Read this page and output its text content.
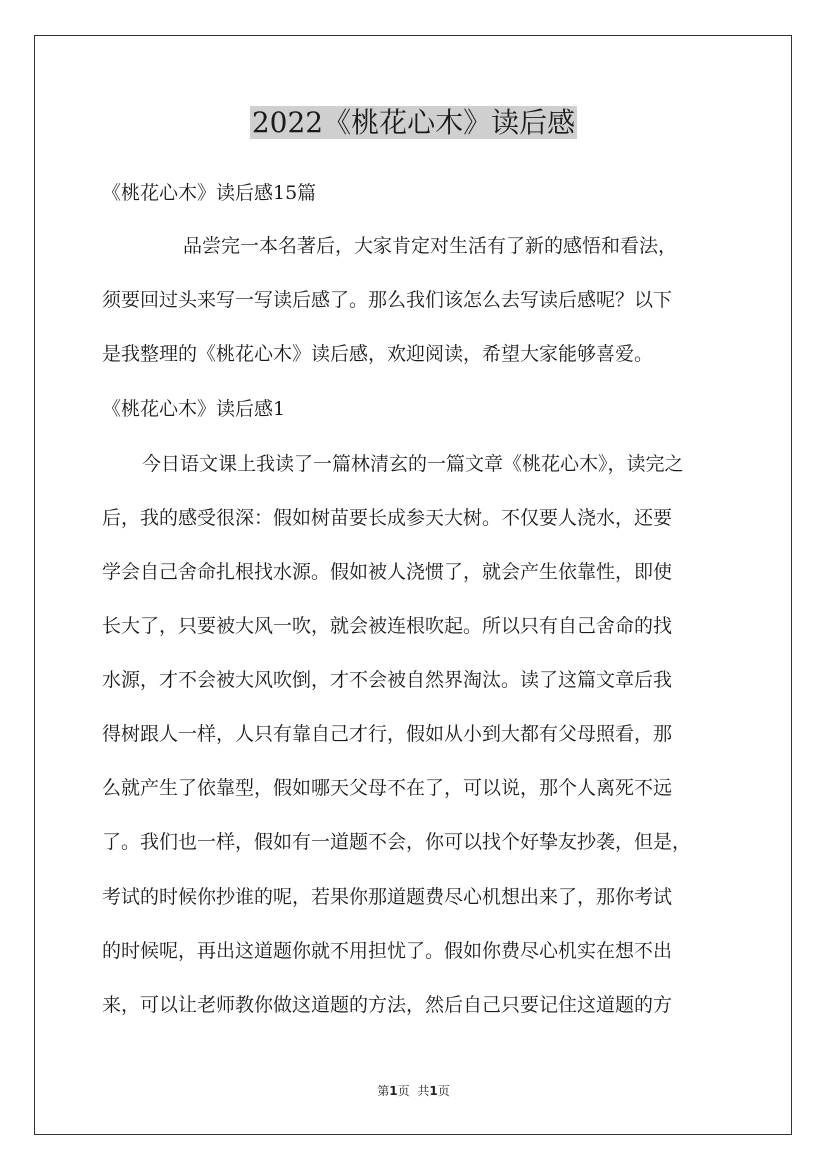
2022《桃花心木》读后感

《桃花心木》读后感15篇

品尝完一本名著后，大家肯定对生活有了新的感悟和看法，

须要回过头来写一写读后感了。那么我们该怎么去写读后感呢？以下

是我整理的《桃花心木》读后感，欢迎阅读，希望大家能够喜爱。

《桃花心木》读后感1

今日语文课上我读了一篇林清玄的一篇文章《桃花心木》，读完之

后，我的感受很深：假如树苗要长成参天大树。不仅要人浇水，还要

学会自己舍命扎根找水源。假如被人浇惯了，就会产生依靠性，即使

长大了，只要被大风一吹，就会被连根吹起。所以只有自己舍命的找

水源，才不会被大风吹倒，才不会被自然界淘汰。读了这篇文章后我

得树跟人一样，人只有靠自己才行，假如从小到大都有父母照看，那

么就产生了依靠型，假如哪天父母不在了，可以说，那个人离死不远

了。我们也一样，假如有一道题不会，你可以找个好挚友抄袭，但是，

考试的时候你抄谁的呢，若果你那道题费尽心机想出来了，那你考试

的时候呢，再出这道题你就不用担忧了。假如你费尽心机实在想不出

来，可以让老师教你做这道题的方法，然后自己只要记住这道题的方

第1页 共1页
